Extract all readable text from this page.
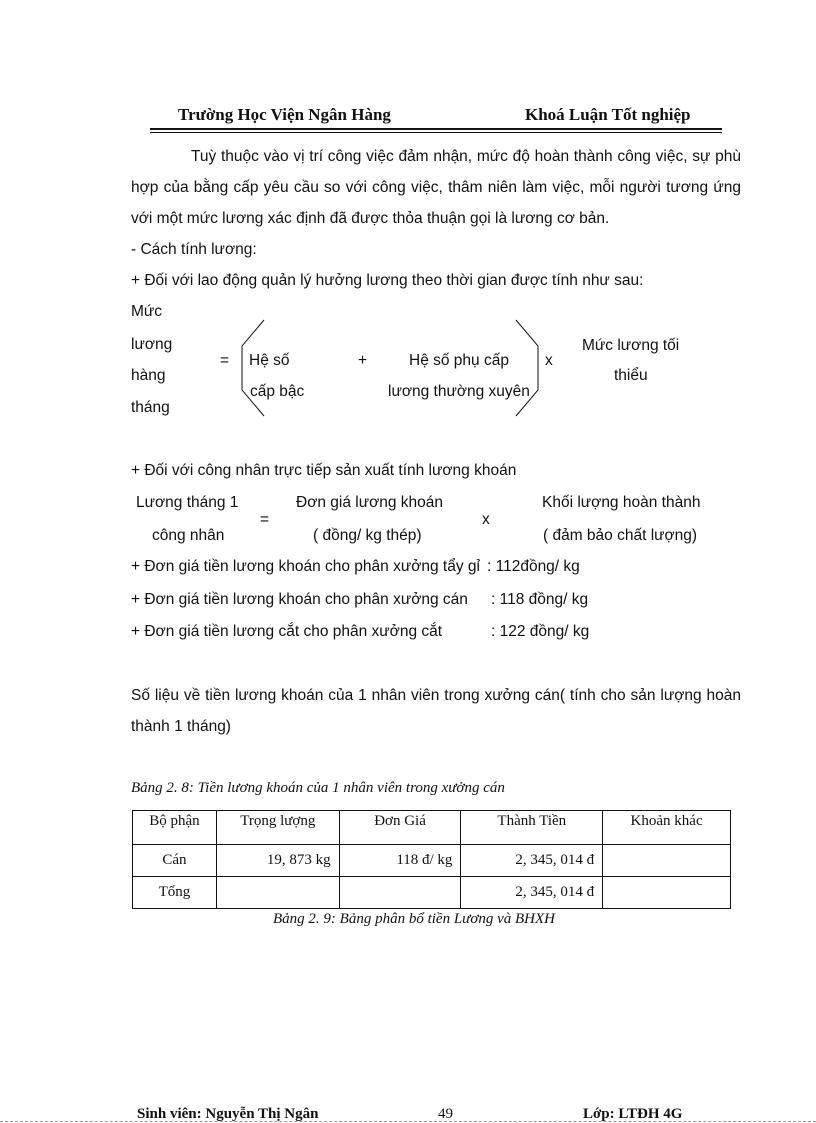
Trường Học Viện Ngân Hàng	Khoá Luận Tốt nghiệp
Tuỳ thuộc vào vị trí công việc đảm nhận, mức độ hoàn thành công việc, sự phù hợp của bằng cấp yêu cầu so với công việc, thâm niên làm việc, mỗi người tương ứng với một mức lương xác định đã được thỏa thuận gọi là lương cơ bản.
- Cách tính lương:
+ Đối với lao động quản lý hưởng lương theo thời gian được tính như sau:
Mức
lương
hàng
tháng
= Hệ số
cấp bậc
+	Hệ số phụ cấp
lương thường xuyên
x
Mức lương tối
thiểu
+ Đối với công nhân trực tiếp sản xuất tính lương khoán
Lương tháng 1
công nhân
=
Đơn giá lương khoán
( đồng/ kg thép)
x
Khối lượng hoàn thành
( đảm bảo chất lượng)
+ Đơn giá tiền lương khoán cho phân xưởng tẩy gỉ : 112đồng/ kg
+ Đơn giá tiền lương khoán cho phân xưởng cán : 118 đồng/ kg
+ Đơn giá tiền lương cắt cho phân xưởng cắt	: 122 đồng/ kg
Số liệu về tiền lương khoán của 1 nhân viên trong xưởng cán( tính cho sản lượng hoàn thành 1 tháng)
Bảng 2. 8: Tiền lương khoán của 1 nhân viên trong xưởng cán
Bộ phận	Trọng lượng	Đơn Giá	Thành Tiền	Khoản khác
Cán	19, 873 kg	118 đ/ kg	2, 345, 014 đ	
Tổng			2, 345, 014 đ	
Bảng 2. 9: Bảng phân bổ tiền Lương và BHXH
Sinh viên: Nguyễn Thị Ngân	49	Lớp: LTĐH 4G
